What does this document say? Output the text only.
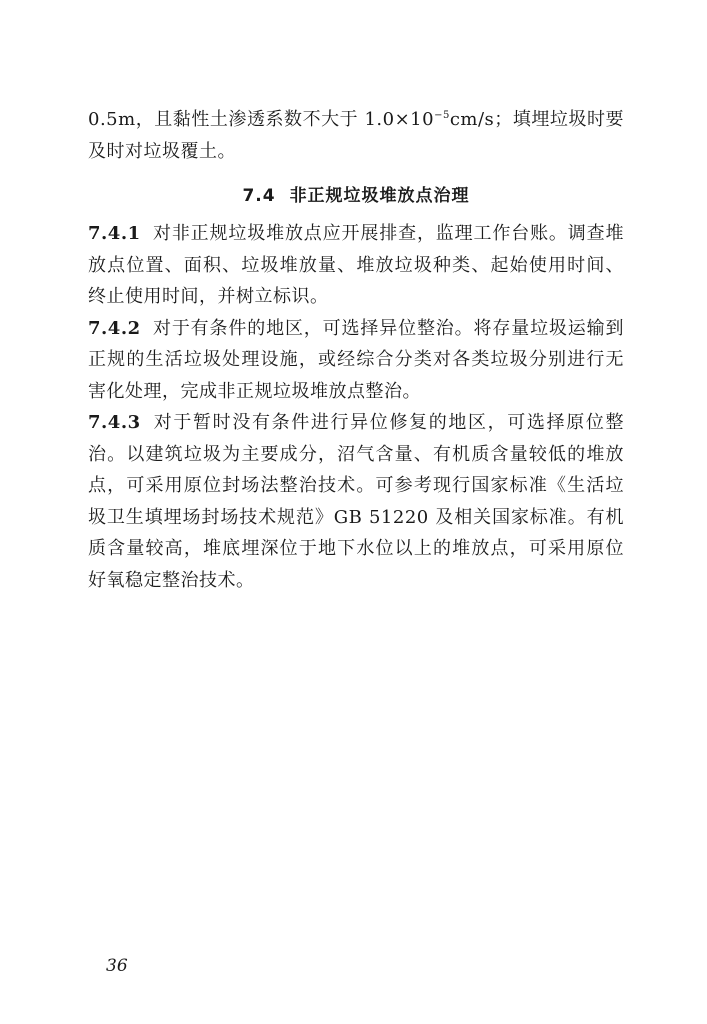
0.5m，且黏性土渗透系数不大于 $1.0\times 10^{-5}cm/s$；填埋垃圾时要及时对垃圾覆土。

7.4 非正规垃圾堆放点治理

7.4.1 对非正规垃圾堆放点应开展排查，监理工作台账。调查堆放点位置、面积、垃圾堆放量、堆放垃圾种类、起始使用时间、终止使用时间，并树立标识。

7.4.2 对于有条件的地区，可选择异位整治。将存量垃圾运输到正规的生活垃圾处理设施，或经综合分类对各类垃圾分别进行无害化处理，完成非正规垃圾堆放点整治。

7.4.3 对于暂时没有条件进行异位修复的地区，可选择原位整治。以建筑垃圾为主要成分，沼气含量、有机质含量较低的堆放点，可采用原位封场法整治技术。可参考现行国家标准《生活垃圾卫生填埋场封场技术规范》GB 51220 及相关国家标准。有机质含量较高，堆底埋深位于地下水位以上的堆放点，可采用原位好氧稳定整治技术。

36
